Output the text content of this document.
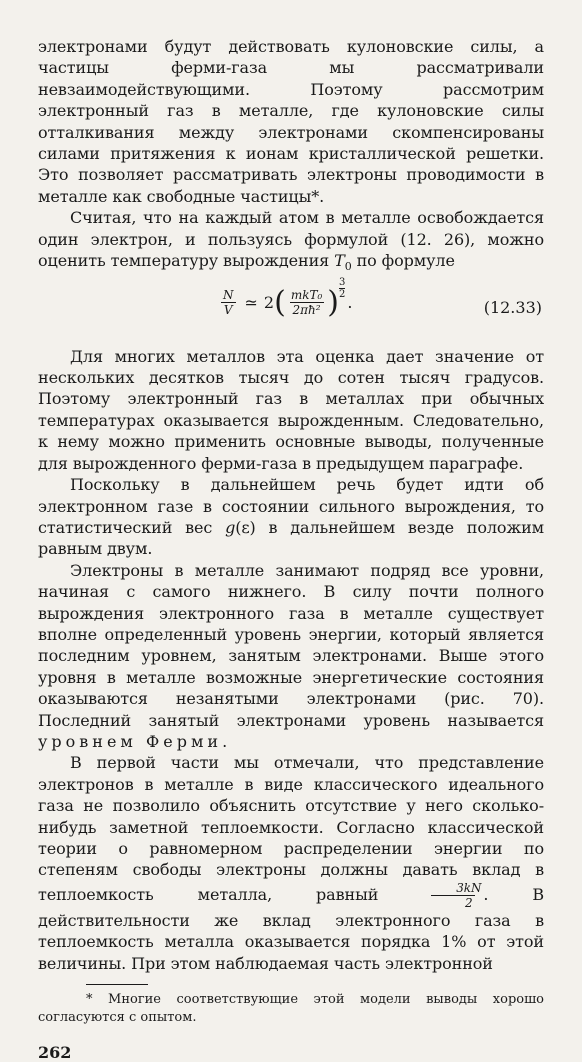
электронами будут действовать кулоновские силы, а частицы ферми-газа мы рассматривали невзаимодействующими. Поэтому рассмотрим электронный газ в металле, где кулоновские силы отталкивания между электронами скомпенсированы силами притяжения к ионам кристаллической решетки. Это позволяет рассматривать электроны проводимости в металле как свободные частицы*.

Считая, что на каждый атом в металле освобождается один электрон, и пользуясь формулой (12. 26), можно оценить температуру вырождения $T_0$ по формуле

$\frac{N}{V}$ ≃ 2 ( $\frac{\text{mkT₀}}{\text{2πħ²}}$ ) $\frac{3}{2}$
.	(12.33)

Для многих металлов эта оценка дает значение от нескольких десятков тысяч до сотен тысяч градусов. Поэтому электронный газ в металлах при обычных температурах оказывается вырожденным. Следовательно, к нему можно применить основные выводы, полученные для вырожденного ферми-газа в предыдущем параграфе.

Поскольку в дальнейшем речь будет идти об электронном газе в состоянии сильного вырождения, то статистический вес g(ε) в дальнейшем везде положим равным двум.

Электроны в металле занимают подряд все уровни, начиная с самого нижнего. В силу почти полного вырождения электронного газа в металле существует вполне определенный уровень энергии, который является последним уровнем, занятым электронами. Выше этого уровня в металле возможные энергетические состояния оказываются незанятыми электронами (рис. 70). Последний занятый электронами уровень называется уровнем Ферми.

В первой части мы отмечали, что представление электронов в металле в виде классического идеального газа не позволило объяснить отсутствие у него сколько-нибудь заметной теплоемкости. Согласно классической теории о равномерном распределении энергии по степеням свободы электроны должны давать вклад в теплоемкость металла, равный $\frac{3kN}{2}$ . В действительности же вклад электронного газа в теплоемкость металла оказывается порядка 1% от этой величины. При этом наблюдаемая часть электронной

* Многие соответствующие этой модели выводы хорошо согласуются с опытом.

262
